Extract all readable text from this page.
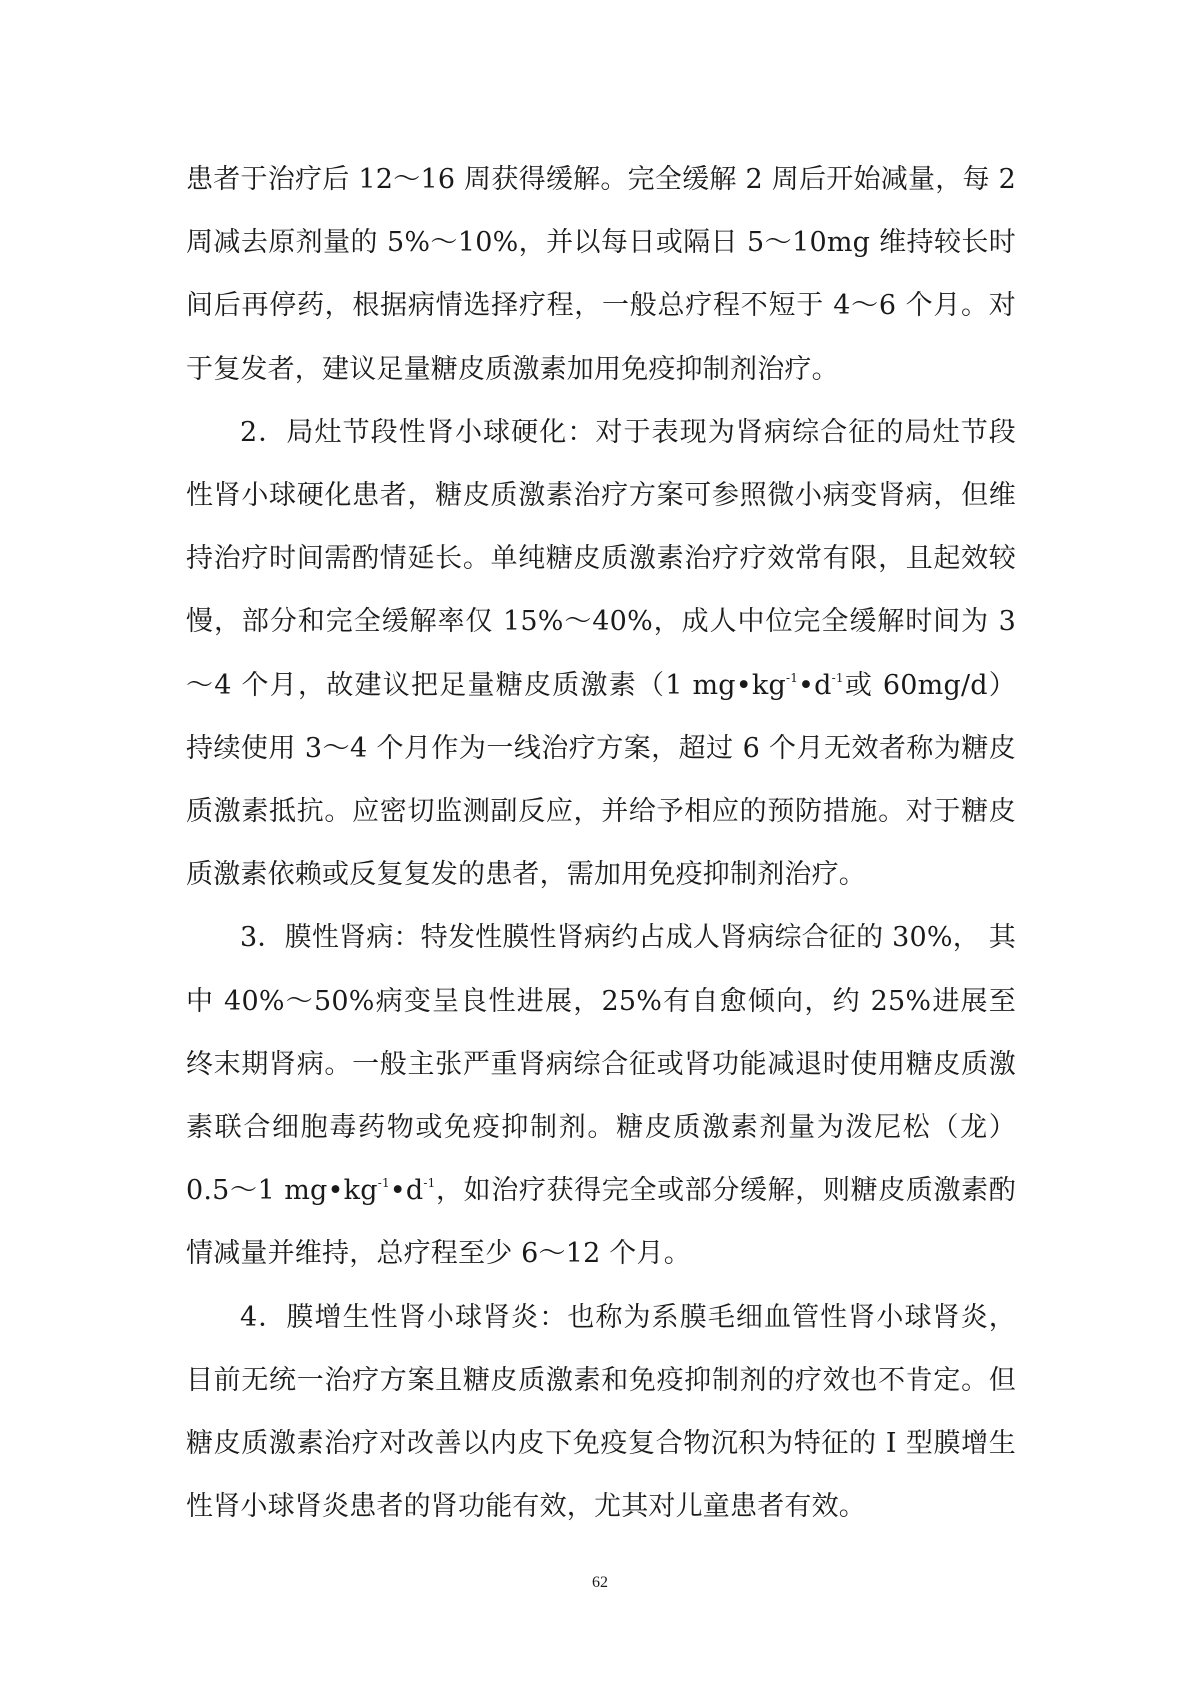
患者于治疗后 12～16 周获得缓解。完全缓解 2 周后开始减量，每 2 周减去原剂量的 5%～10%，并以每日或隔日 5～10mg 维持较长时间后再停药，根据病情选择疗程，一般总疗程不短于 4～6 个月。对于复发者，建议足量糖皮质激素加用免疫抑制剂治疗。

2．局灶节段性肾小球硬化：对于表现为肾病综合征的局灶节段性肾小球硬化患者，糖皮质激素治疗方案可参照微小病变肾病，但维持治疗时间需酌情延长。单纯糖皮质激素治疗疗效常有限，且起效较慢，部分和完全缓解率仅 15%～40%，成人中位完全缓解时间为 3～4 个月，故建议把足量糖皮质激素（1 $mg•kg^{-1}•d^{-1}$或 60mg/d）持续使用 3～4 个月作为一线治疗方案，超过 6 个月无效者称为糖皮质激素抵抗。应密切监测副反应，并给予相应的预防措施。对于糖皮质激素依赖或反复复发的患者，需加用免疫抑制剂治疗。

3．膜性肾病：特发性膜性肾病约占成人肾病综合征的 30%， 其中 40%～50%病变呈良性进展，25%有自愈倾向，约 25%进展至终末期肾病。一般主张严重肾病综合征或肾功能减退时使用糖皮质激素联合细胞毒药物或免疫抑制剂。糖皮质激素剂量为泼尼松（龙）0.5～1 $mg•kg^{-1}•d^{-1}$，如治疗获得完全或部分缓解，则糖皮质激素酌情减量并维持，总疗程至少 6～12 个月。

4．膜增生性肾小球肾炎：也称为系膜毛细血管性肾小球肾炎，目前无统一治疗方案且糖皮质激素和免疫抑制剂的疗效也不肯定。但糖皮质激素治疗对改善以内皮下免疫复合物沉积为特征的 I 型膜增生性肾小球肾炎患者的肾功能有效，尤其对儿童患者有效。

62
